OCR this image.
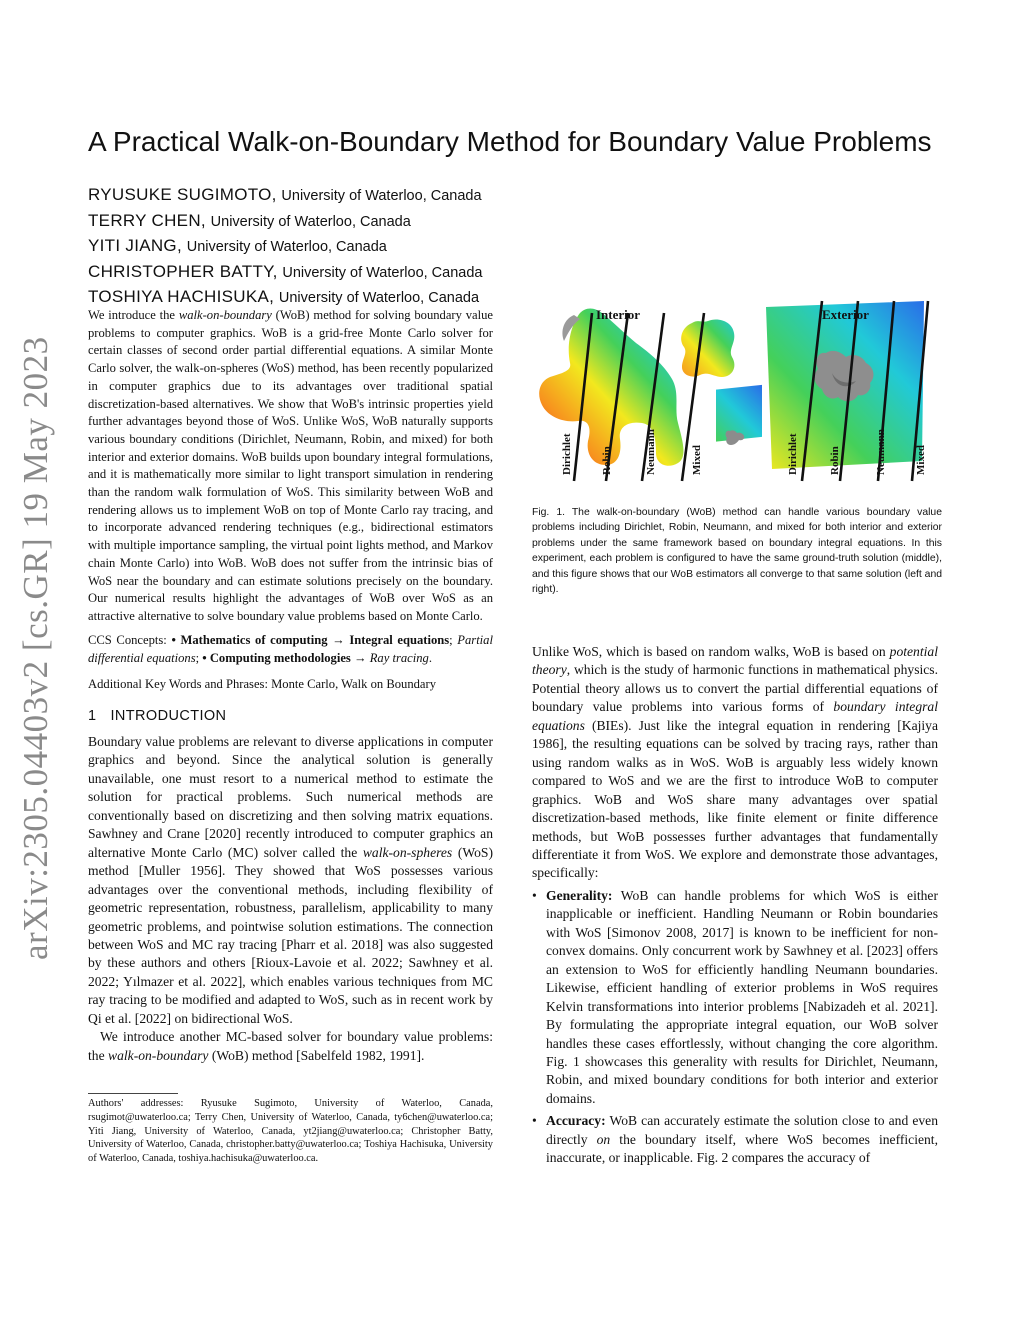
arXiv:2305.04403v2 [cs.GR] 19 May 2023
A Practical Walk-on-Boundary Method for Boundary Value Problems
RYUSUKE SUGIMOTO, University of Waterloo, Canada
TERRY CHEN, University of Waterloo, Canada
YITI JIANG, University of Waterloo, Canada
CHRISTOPHER BATTY, University of Waterloo, Canada
TOSHIYA HACHISUKA, University of Waterloo, Canada

We introduce the walk-on-boundary (WoB) method for solving boundary value problems to computer graphics. WoB is a grid-free Monte Carlo solver for certain classes of second order partial differential equations. A similar Monte Carlo solver, the walk-on-spheres (WoS) method, has been recently popularized in computer graphics due to its advantages over traditional spatial discretization-based alternatives. We show that WoB's intrinsic properties yield further advantages beyond those of WoS. Unlike WoS, WoB naturally supports various boundary conditions (Dirichlet, Neumann, Robin, and mixed) for both interior and exterior domains. WoB builds upon boundary integral formulations, and it is mathematically more similar to light transport simulation in rendering than the random walk formulation of WoS. This similarity between WoB and rendering allows us to implement WoB on top of Monte Carlo ray tracing, and to incorporate advanced rendering techniques (e.g., bidirectional estimators with multiple importance sampling, the virtual point lights method, and Markov chain Monte Carlo) into WoB. WoB does not suffer from the intrinsic bias of WoS near the boundary and can estimate solutions precisely on the boundary. Our numerical results highlight the advantages of WoB over WoS as an attractive alternative to solve boundary value problems based on Monte Carlo.

CCS Concepts: • Mathematics of computing → Integral equations; Partial differential equations; • Computing methodologies → Ray tracing.

Additional Key Words and Phrases: Monte Carlo, Walk on Boundary
1 INTRODUCTION

Boundary value problems are relevant to diverse applications in computer graphics and beyond. Since the analytical solution is generally unavailable, one must resort to a numerical method to estimate the solution for practical problems. Such numerical methods are conventionally based on discretizing and then solving matrix equations. Sawhney and Crane [2020] recently introduced to computer graphics an alternative Monte Carlo (MC) solver called the walk-on-spheres (WoS) method [Muller 1956]. They showed that WoS possesses various advantages over the conventional methods, including flexibility of geometric representation, robustness, parallelism, applicability to many geometric problems, and pointwise solution estimations. The connection between WoS and MC ray tracing [Pharr et al. 2018] was also suggested by these authors and others [Rioux-Lavoie et al. 2022; Sawhney et al. 2022; Yılmazer et al. 2022], which enables various techniques from MC ray tracing to be modified and adapted to WoS, such as in recent work by Qi et al. [2022] on bidirectional WoS.

We introduce another MC-based solver for boundary value problems: the walk-on-boundary (WoB) method [Sabelfeld 1982, 1991].

Authors' addresses: Ryusuke Sugimoto, University of Waterloo, Canada, rsugimot@uwaterloo.ca; Terry Chen, University of Waterloo, Canada, ty6chen@uwaterloo.ca; Yiti Jiang, University of Waterloo, Canada, yt2jiang@uwaterloo.ca; Christopher Batty, University of Waterloo, Canada, christopher.batty@uwaterloo.ca; Toshiya Hachisuka, University of Waterloo, Canada, toshiya.hachisuka@uwaterloo.ca.

Interior	Exterior
Dirichlet	Robin	Neumann	Mixed	Dirichlet	Robin	Neumann	Mixed

Fig. 1. The walk-on-boundary (WoB) method can handle various boundary value problems including Dirichlet, Robin, Neumann, and mixed for both interior and exterior problems under the same framework based on boundary integral equations. In this experiment, each problem is configured to have the same ground-truth solution (middle), and this figure shows that our WoB estimators all converge to that same solution (left and right).

Unlike WoS, which is based on random walks, WoB is based on potential theory, which is the study of harmonic functions in mathematical physics. Potential theory allows us to convert the partial differential equations of boundary value problems into various forms of boundary integral equations (BIEs). Just like the integral equation in rendering [Kajiya 1986], the resulting equations can be solved by tracing rays, rather than using random walks as in WoS. WoB is arguably less widely known compared to WoS and we are the first to introduce WoB to computer graphics. WoB and WoS share many advantages over spatial discretization-based methods, like finite element or finite difference methods, but WoB possesses further advantages that fundamentally differentiate it from WoS. We explore and demonstrate those advantages, specifically:

• Generality: WoB can handle problems for which WoS is either inapplicable or inefficient. Handling Neumann or Robin boundaries with WoS [Simonov 2008, 2017] is known to be inefficient for non-convex domains. Only concurrent work by Sawhney et al. [2023] offers an extension to WoS for efficiently handling Neumann boundaries. Likewise, efficient handling of exterior problems in WoS requires Kelvin transformations into interior problems [Nabizadeh et al. 2021]. By formulating the appropriate integral equation, our WoB solver handles these cases effortlessly, without changing the core algorithm. Fig. 1 showcases this generality with results for Dirichlet, Neumann, Robin, and mixed boundary conditions for both interior and exterior domains.
• Accuracy: WoB can accurately estimate the solution close to and even directly on the boundary itself, where WoS becomes inefficient, inaccurate, or inapplicable. Fig. 2 compares the accuracy of
